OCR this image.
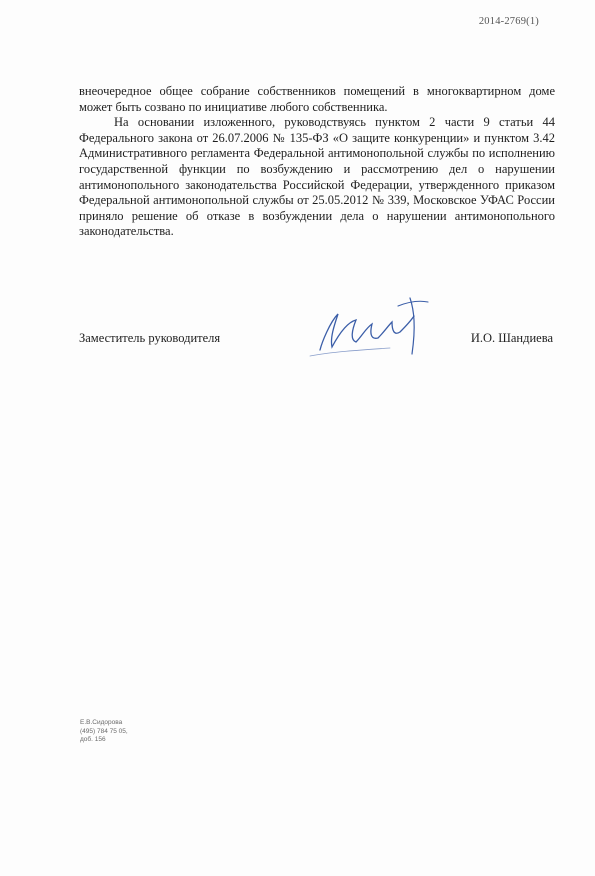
2014-2769(1)

внеочередное общее собрание собственников помещений в многоквартирном доме может быть созвано по инициативе любого собственника.

На основании изложенного, руководствуясь пунктом 2 части 9 статьи 44 Федерального закона от 26.07.2006 № 135-ФЗ «О защите конкуренции» и пунктом 3.42 Административного регламента Федеральной антимонопольной службы по исполнению государственной функции по возбуждению и рассмотрению дел о нарушении антимонопольного законодательства Российской Федерации, утвержденного приказом Федеральной антимонопольной службы от 25.05.2012 № 339, Московское УФАС России приняло решение об отказе в возбуждении дела о нарушении антимонопольного законодательства.

Заместитель руководителя	И.О. Шандиева
Е.В.Сидорова
(495) 784 75 05,
доб. 156
